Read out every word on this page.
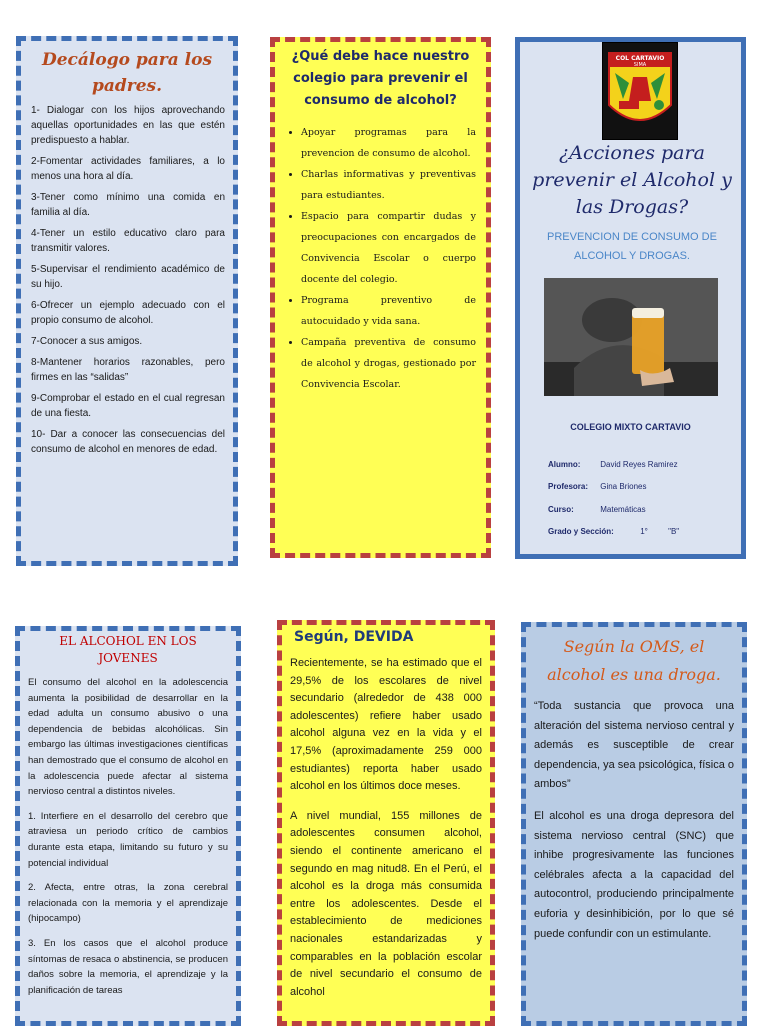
Decálogo para los padres.
1- Dialogar con los hijos aprovechando aquellas oportunidades en las que estén predispuesto a hablar.
2-Fomentar actividades familiares, a lo menos una hora al día.
3-Tener como mínimo una comida en familia al día.
4-Tener un estilo educativo claro para transmitir valores.
5-Supervisar el rendimiento académico de su hijo.
6-Ofrecer un ejemplo adecuado con el propio consumo de alcohol.
7-Conocer a sus amigos.
8-Mantener horarios razonables, pero firmes en las “salidas”
9-Comprobar el estado en el cual regresan de una fiesta.
10- Dar a conocer las consecuencias del consumo de alcohol en menores de edad.
¿Qué debe hace nuestro colegio para prevenir el consumo de alcohol?
• Apoyar programas para la prevencion de consumo de alcohol.
• Charlas informativas y preventivas para estudiantes.
• Espacio para compartir dudas y preocupaciones con encargados de Convivencia Escolar o cuerpo docente del colegio.
• Programa preventivo de autocuidado y vida sana.
• Campaña preventiva de consumo de alcohol y drogas, gestionado por Convivencia Escolar.
COL CARTAVIO
SIMA
¿Acciones para prevenir el Alcohol y las Drogas?
PREVENCION DE CONSUMO DE ALCOHOL Y DROGAS.
COLEGIO MIXTO CARTAVIO
Alumno: David Reyes Ramirez
Profesora: Gina Briones
Curso:	Matemáticas
Grado y Sección:	1°	"B"
EL ALCOHOL EN LOS JOVENES

El consumo del alcohol en la adolescencia aumenta la posibilidad de desarrollar en la edad adulta un consumo abusivo o una dependencia de bebidas alcohólicas. Sin embargo las últimas investigaciones científicas han demostrado que el consumo de alcohol en la adolescencia puede afectar al sistema nervioso central a distintos niveles.

1. Interfiere en el desarrollo del cerebro que atraviesa un periodo crítico de cambios durante esta etapa, limitando su futuro y su potencial individual

2. Afecta, entre otras, la zona cerebral relacionada con la memoria y el aprendizaje (hipocampo)

3. En los casos que el alcohol produce síntomas de resaca o abstinencia, se producen daños sobre la memoria, el aprendizaje y la planificación de tareas

Según, DEVIDA

Recientemente, se ha estimado que el 29,5% de los escolares de nivel secundario (alrededor de 438 000 adolescentes) refiere haber usado alcohol alguna vez en la vida y el 17,5% (aproximadamente 259 000 estudiantes) reporta haber usado alcohol en los últimos doce meses.

A nivel mundial, 155 millones de adolescentes consumen alcohol, siendo el continente americano el segundo en mag nitud8. En el Perú, el alcohol es la droga más consumida entre los adolescentes. Desde el establecimiento de mediciones nacionales estandarizadas y comparables en la población escolar de nivel secundario el consumo de alcohol

Según la OMS, el alcohol es una droga.

“Toda sustancia que provoca una alteración del sistema nervioso central y además es susceptible de crear dependencia, ya sea psicológica, física o ambos”

El alcohol es una droga depresora del sistema nervioso central (SNC) que inhibe progresivamente las funciones celébrales afecta a la capacidad del autocontrol, produciendo principalmente euforia y desinhibición, por lo que sé puede confundir con un estimulante.
